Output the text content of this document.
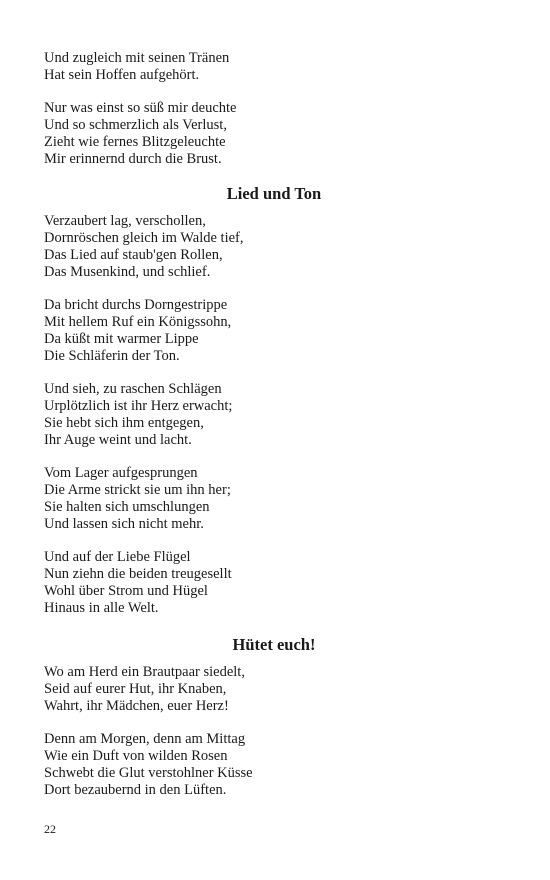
Und zugleich mit seinen Tränen
Hat sein Hoffen aufgehört.
Nur was einst so süß mir deuchte
Und so schmerzlich als Verlust,
Zieht wie fernes Blitzgeleuchte
Mir erinnernd durch die Brust.
Lied und Ton
Verzaubert lag, verschollen,
Dornröschen gleich im Walde tief,
Das Lied auf staub'gen Rollen,
Das Musenkind, und schlief.
Da bricht durchs Dorngestrippe
Mit hellem Ruf ein Königssohn,
Da küßt mit warmer Lippe
Die Schläferin der Ton.
Und sieh, zu raschen Schlägen
Urplötzlich ist ihr Herz erwacht;
Sie hebt sich ihm entgegen,
Ihr Auge weint und lacht.
Vom Lager aufgesprungen
Die Arme strickt sie um ihn her;
Sie halten sich umschlungen
Und lassen sich nicht mehr.
Und auf der Liebe Flügel
Nun ziehn die beiden treugesellt
Wohl über Strom und Hügel
Hinaus in alle Welt.
Hütet euch!
Wo am Herd ein Brautpaar siedelt,
Seid auf eurer Hut, ihr Knaben,
Wahrt, ihr Mädchen, euer Herz!
Denn am Morgen, denn am Mittag
Wie ein Duft von wilden Rosen
Schwebt die Glut verstohlner Küsse
Dort bezaubernd in den Lüften.
22
